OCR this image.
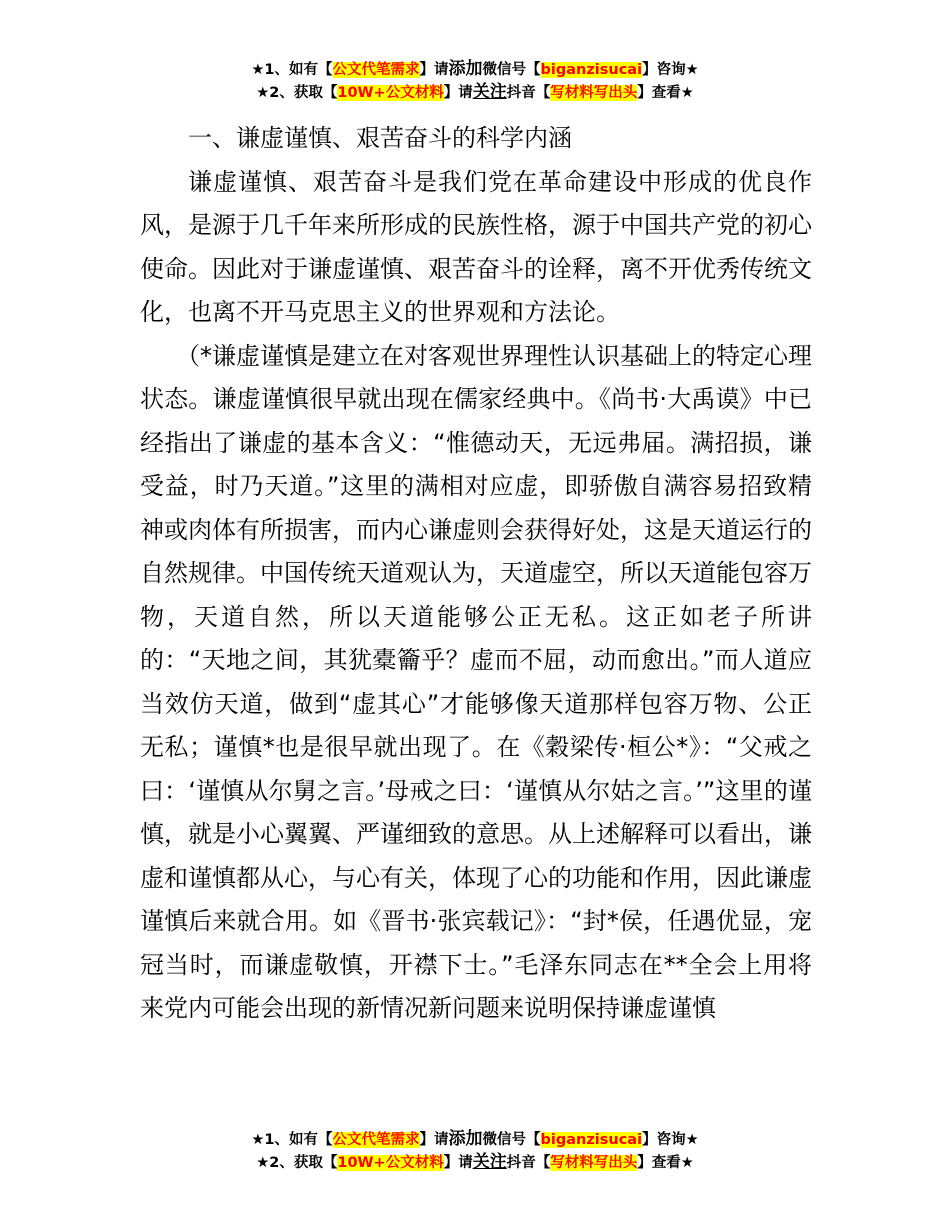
★1、如有【公文代笔需求】请添加微信号【biganzisucai】咨询★
★2、获取【10W+公文材料】请关注抖音【写材料写出头】查看★

一、谦虚谨慎、艰苦奋斗的科学内涵

谦虚谨慎、艰苦奋斗是我们党在革命建设中形成的优良作风，是源于几千年来所形成的民族性格，源于中国共产党的初心使命。因此对于谦虚谨慎、艰苦奋斗的诠释，离不开优秀传统文化，也离不开马克思主义的世界观和方法论。

（*谦虚谨慎是建立在对客观世界理性认识基础上的特定心理状态。谦虚谨慎很早就出现在儒家经典中。《尚书·大禹谟》中已经指出了谦虚的基本含义：“惟德动天，无远弗届。满招损，谦受益，时乃天道。”这里的满相对应虚，即骄傲自满容易招致精神或肉体有所损害，而内心谦虚则会获得好处，这是天道运行的自然规律。中国传统天道观认为，天道虚空，所以天道能包容万物，天道自然，所以天道能够公正无私。这正如老子所讲的：“天地之间，其犹橐籥乎？虚而不屈，动而愈出。”而人道应当效仿天道，做到“虚其心”才能够像天道那样包容万物、公正无私；谨慎*也是很早就出现了。在《穀梁传·桓公*》：“父戒之曰：‘谨慎从尔舅之言。’母戒之曰：‘谨慎从尔姑之言。’”这里的谨慎，就是小心翼翼、严谨细致的意思。从上述解释可以看出，谦虚和谨慎都从心，与心有关，体现了心的功能和作用，因此谦虚谨慎后来就合用。如《晋书·张宾载记》：“封*侯，任遇优显，宠冠当时，而谦虚敬慎，开襟下士。”毛泽东同志在**全会上用将来党内可能会出现的新情况新问题来说明保持谦虚谨慎

★1、如有【公文代笔需求】请添加微信号【biganzisucai】咨询★
★2、获取【10W+公文材料】请关注抖音【写材料写出头】查看★
